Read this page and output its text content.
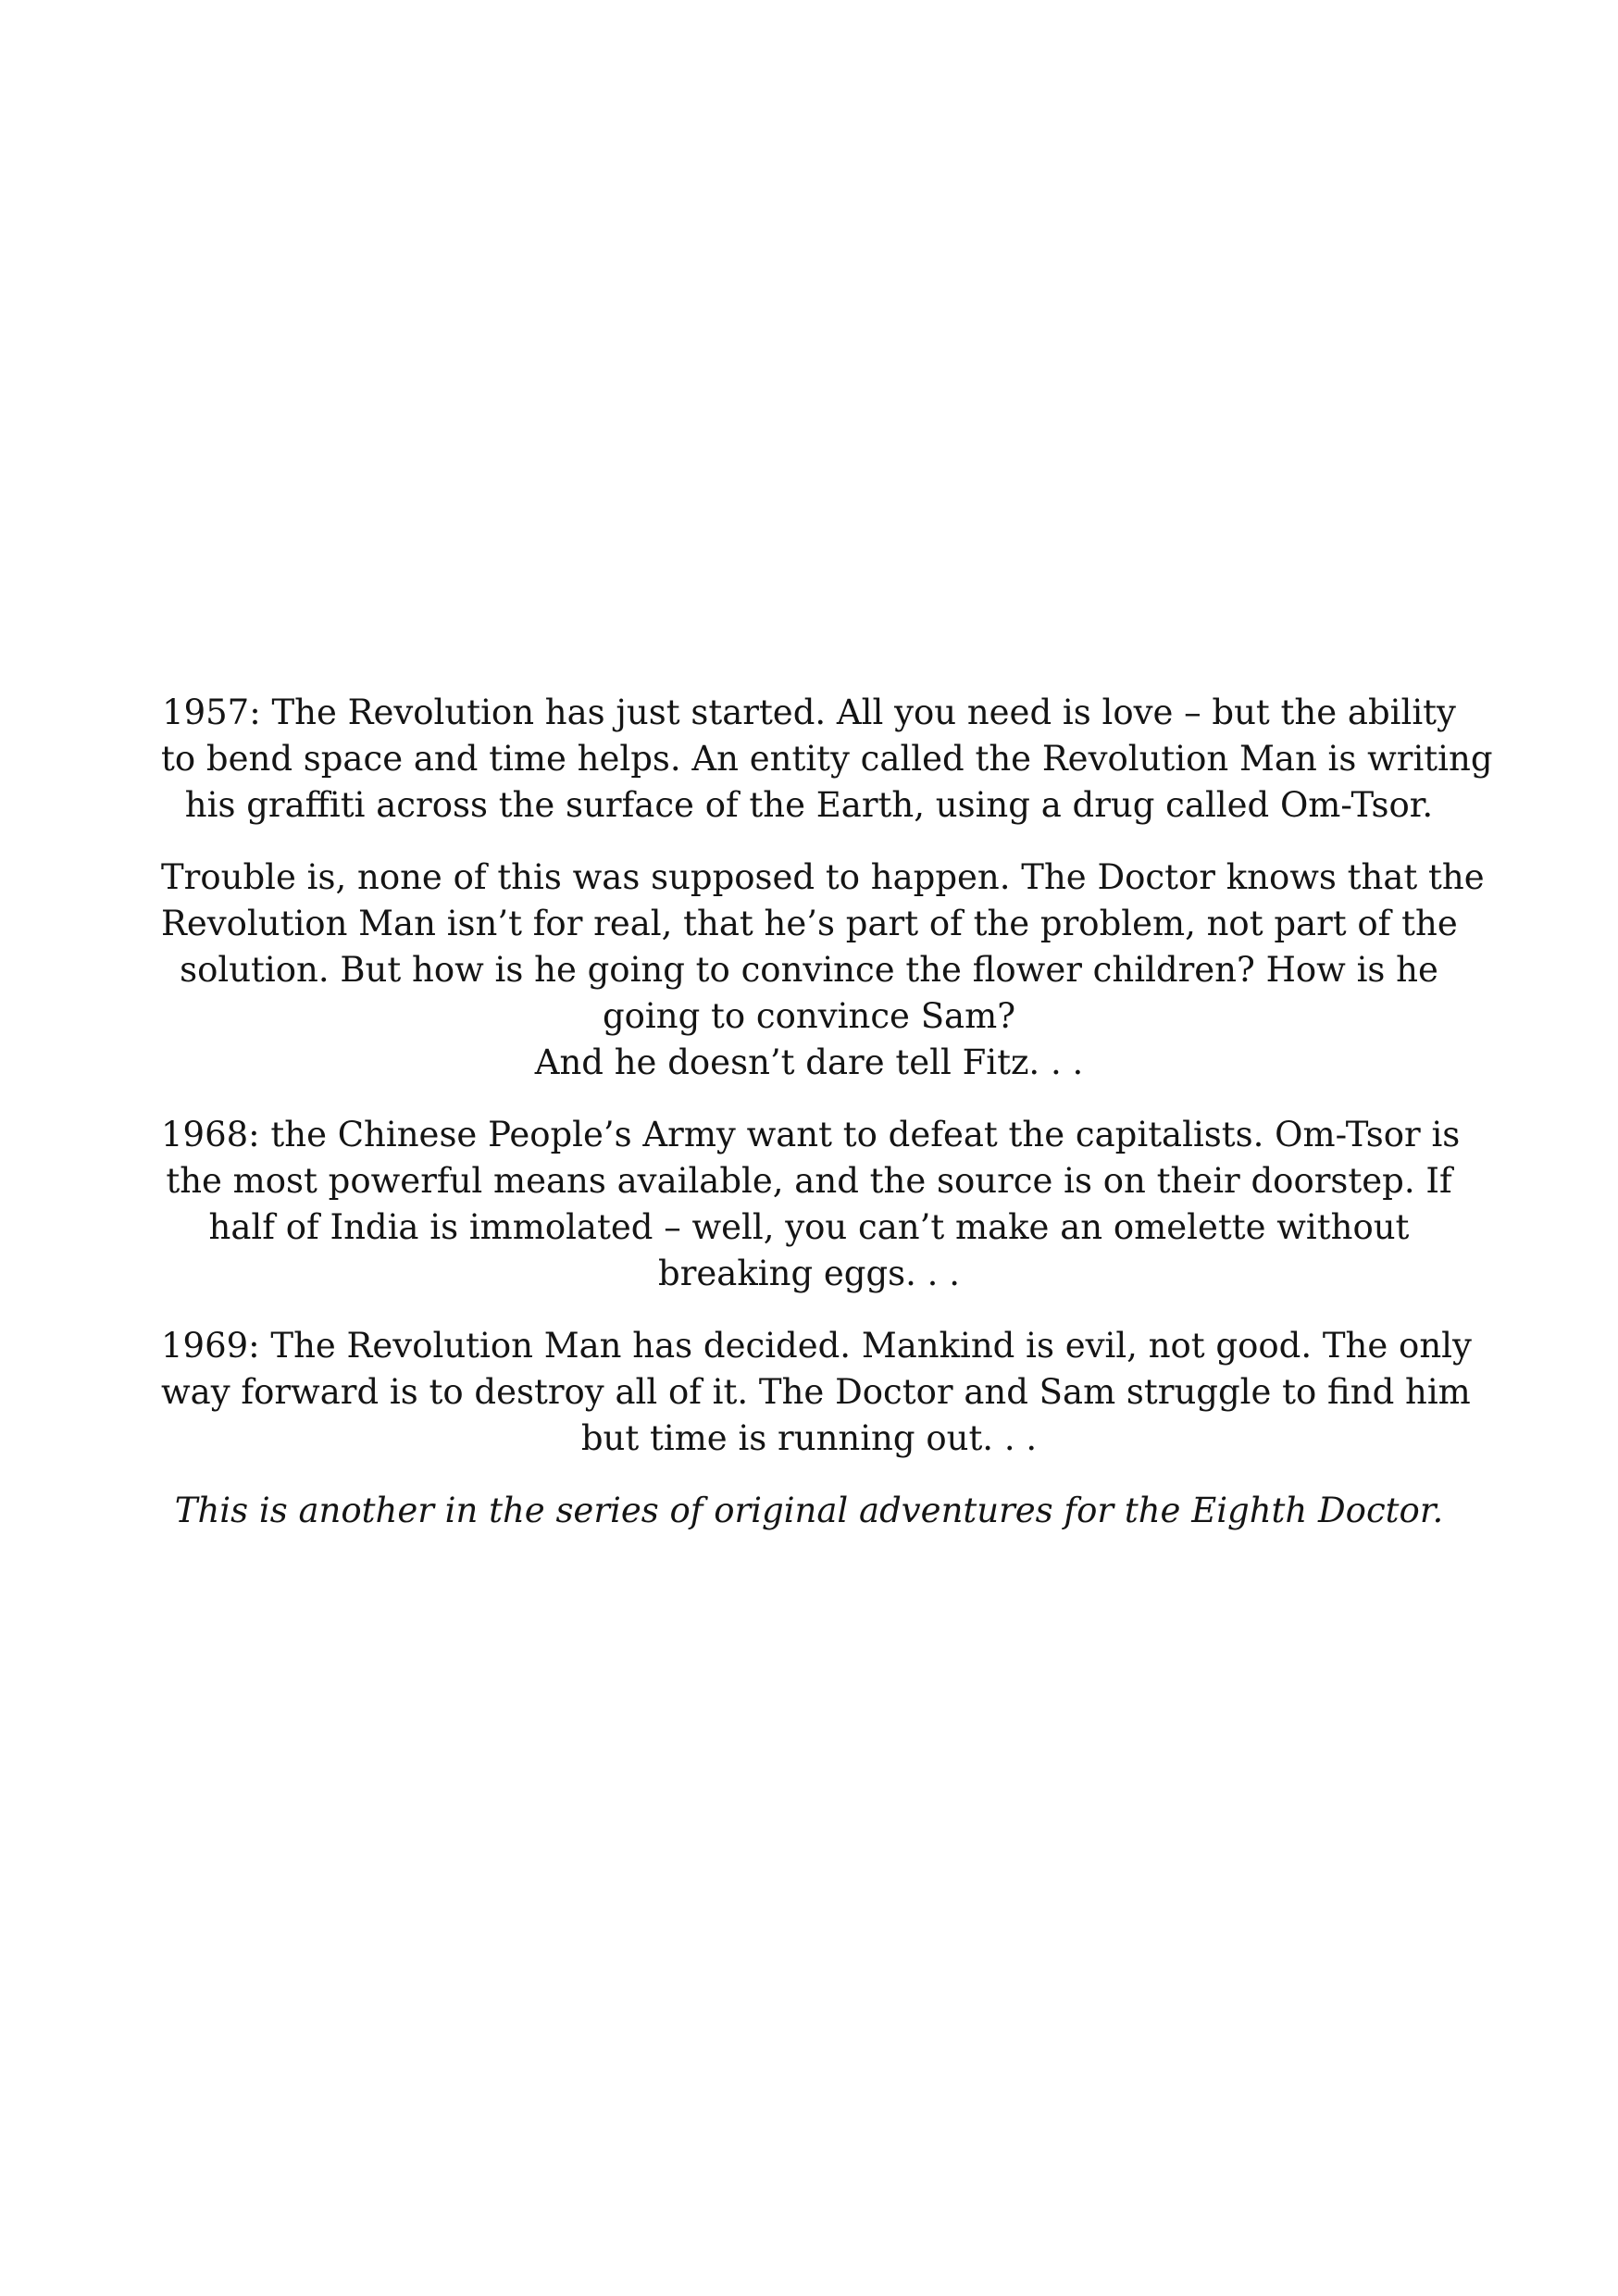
1957: The Revolution has just started. All you need is love – but the ability
to bend space and time helps. An entity called the Revolution Man is writing
his graffiti across the surface of the Earth, using a drug called Om-Tsor.

Trouble is, none of this was supposed to happen. The Doctor knows that the
Revolution Man isn’t for real, that he’s part of the problem, not part of the
solution. But how is he going to convince the flower children? How is he
going to convince Sam?
And he doesn’t dare tell Fitz. . .

1968: the Chinese People’s Army want to defeat the capitalists. Om-Tsor is
the most powerful means available, and the source is on their doorstep. If
half of India is immolated – well, you can’t make an omelette without
breaking eggs. . .

1969: The Revolution Man has decided. Mankind is evil, not good. The only
way forward is to destroy all of it. The Doctor and Sam struggle to find him
but time is running out. . .

This is another in the series of original adventures for the Eighth Doctor.
